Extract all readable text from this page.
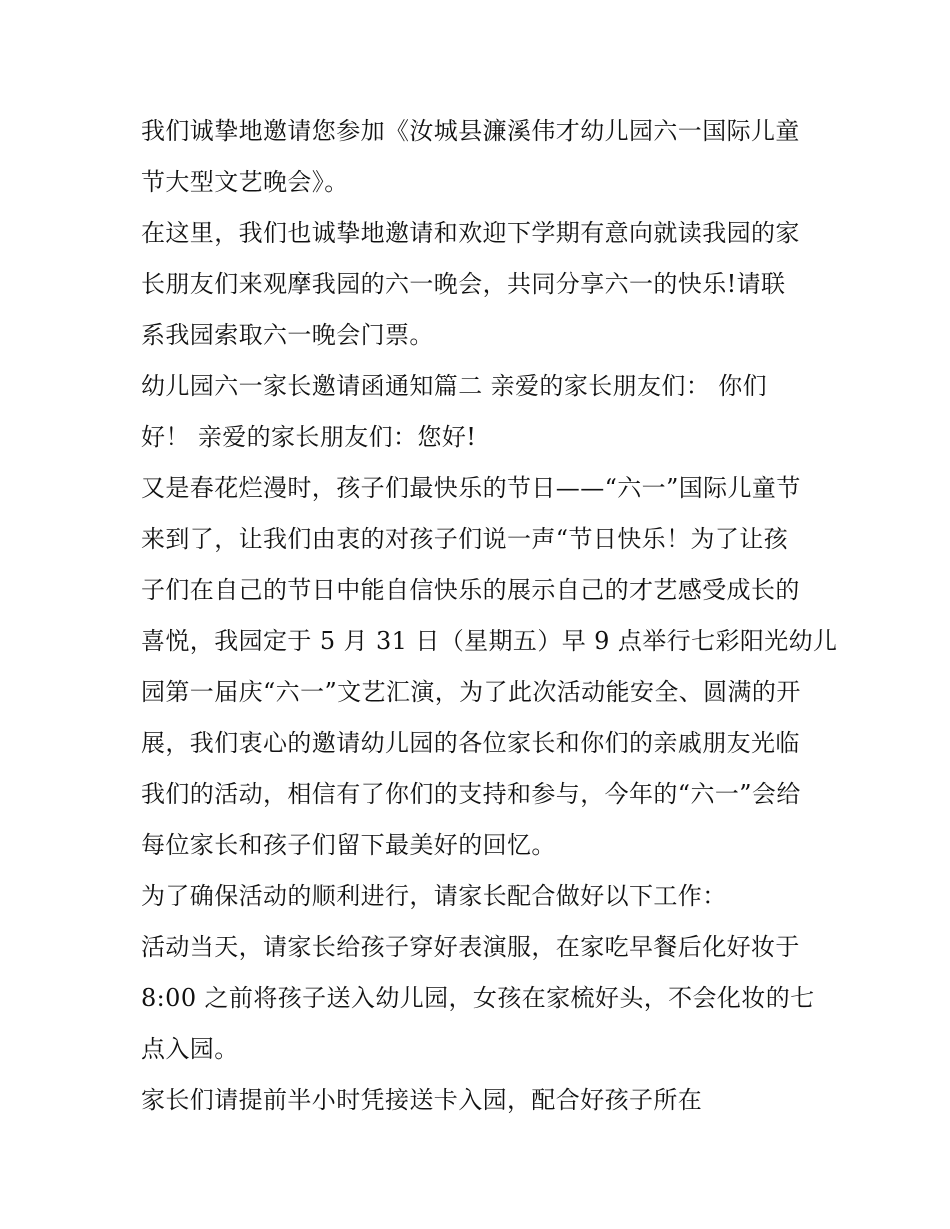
我们诚挚地邀请您参加《汝城县濂溪伟才幼儿园六一国际儿童
节大型文艺晚会》。
在这里，我们也诚挚地邀请和欢迎下学期有意向就读我园的家
长朋友们来观摩我园的六一晚会，共同分享六一的快乐!请联
系我园索取六一晚会门票。
幼儿园六一家长邀请函通知篇二 亲爱的家长朋友们： 你们
好！ 亲爱的家长朋友们：您好!
又是春花烂漫时，孩子们最快乐的节日——“六一”国际儿童节
来到了，让我们由衷的对孩子们说一声“节日快乐！为了让孩
子们在自己的节日中能自信快乐的展示自己的才艺感受成长的
喜悦，我园定于 5 月 31 日（星期五）早 9 点举行七彩阳光幼儿
园第一届庆“六一”文艺汇演，为了此次活动能安全、圆满的开
展，我们衷心的邀请幼儿园的各位家长和你们的亲戚朋友光临
我们的活动，相信有了你们的支持和参与，今年的“六一”会给
每位家长和孩子们留下最美好的回忆。
为了确保活动的顺利进行，请家长配合做好以下工作：
活动当天，请家长给孩子穿好表演服，在家吃早餐后化好妆于
8:00 之前将孩子送入幼儿园，女孩在家梳好头，不会化妆的七
点入园。
家长们请提前半小时凭接送卡入园，配合好孩子所在
